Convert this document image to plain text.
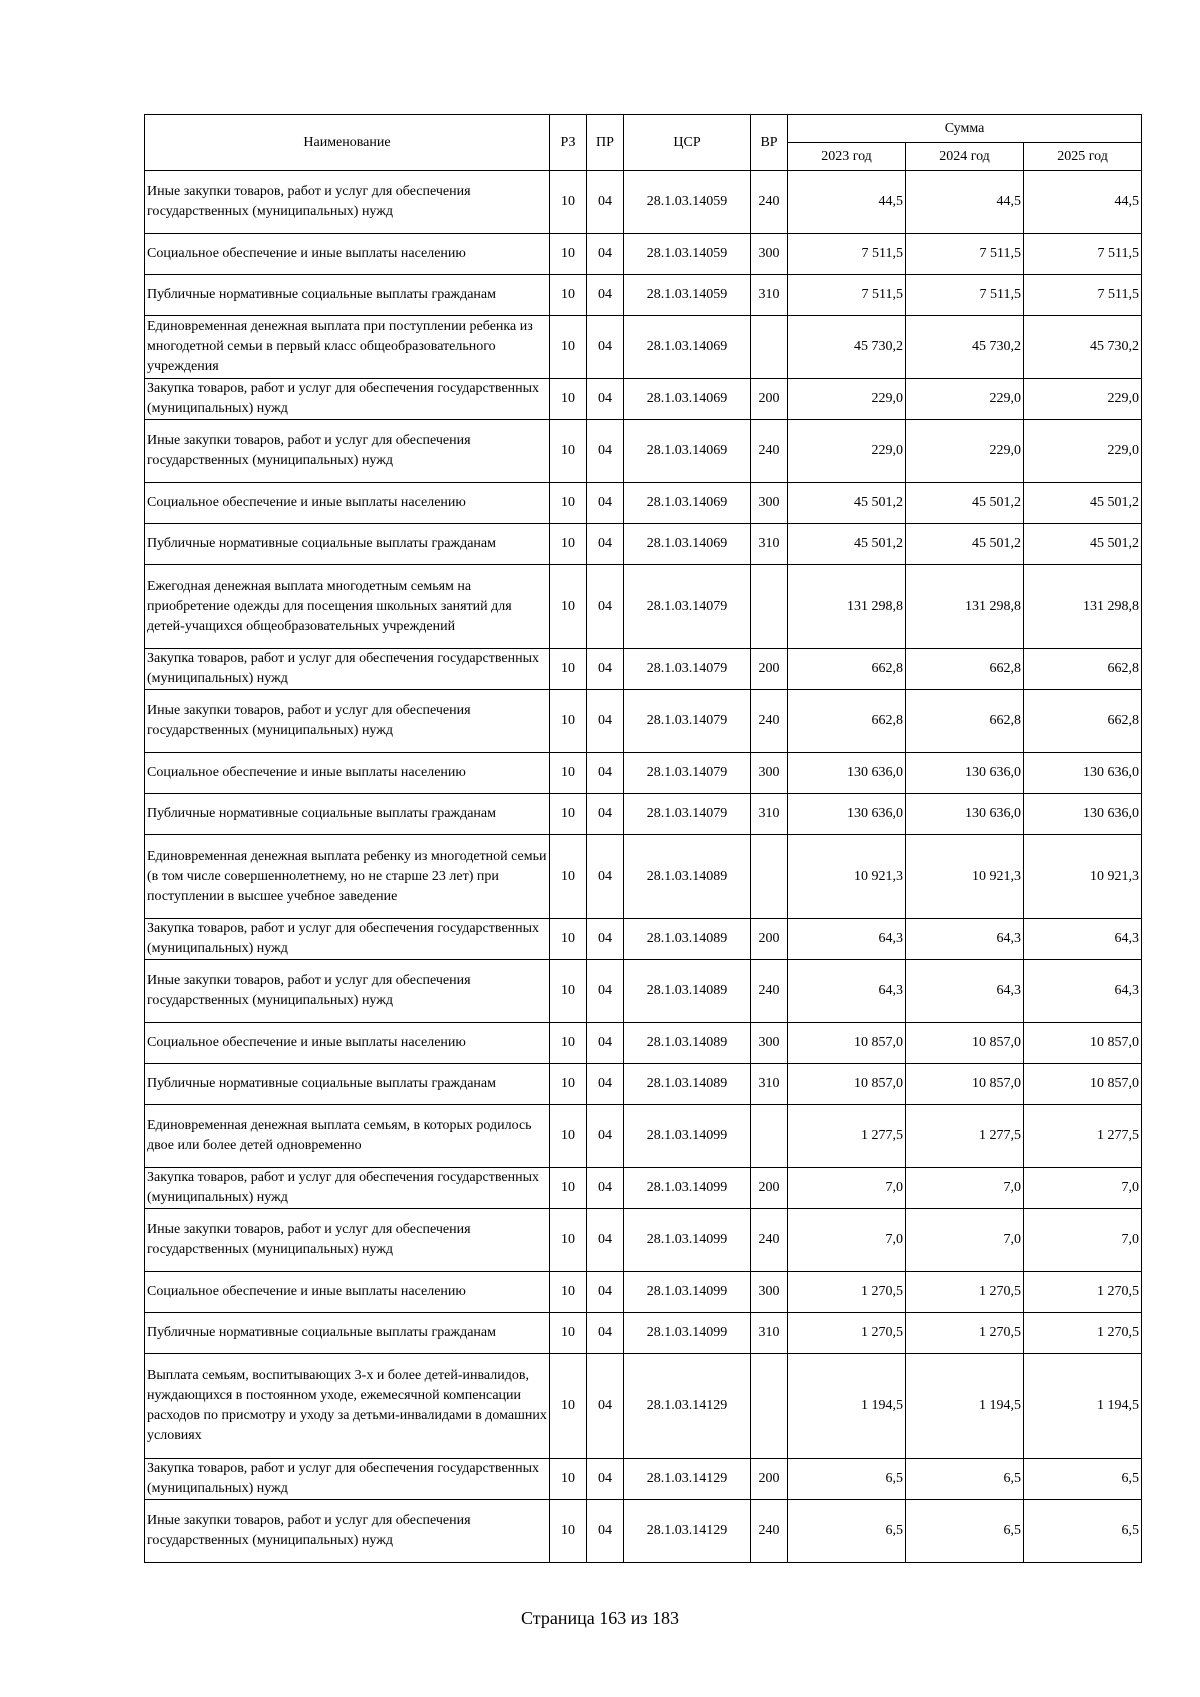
Наименование	РЗ	ПР	ЦСР	ВР	Сумма		
					2023 год	2024 год	2025 год
Иные закупки товаров, работ и услуг для обеспечения государственных (муниципальных) нужд	10	04	28.1.03.14059	240	44,5	44,5	44,5
Социальное обеспечение и иные выплаты населению	10	04	28.1.03.14059	300	7 511,5	7 511,5	7 511,5
Публичные нормативные социальные выплаты гражданам	10	04	28.1.03.14059	310	7 511,5	7 511,5	7 511,5
Единовременная денежная выплата при поступлении ребенка из многодетной семьи в первый класс общеобразовательного учреждения	10	04	28.1.03.14069		45 730,2	45 730,2	45 730,2
Закупка товаров, работ и услуг для обеспечения государственных (муниципальных) нужд	10	04	28.1.03.14069	200	229,0	229,0	229,0
Иные закупки товаров, работ и услуг для обеспечения государственных (муниципальных) нужд	10	04	28.1.03.14069	240	229,0	229,0	229,0
Социальное обеспечение и иные выплаты населению	10	04	28.1.03.14069	300	45 501,2	45 501,2	45 501,2
Публичные нормативные социальные выплаты гражданам	10	04	28.1.03.14069	310	45 501,2	45 501,2	45 501,2
Ежегодная денежная выплата многодетным семьям на приобретение одежды для посещения школьных занятий для детей-учащихся общеобразовательных учреждений	10	04	28.1.03.14079		131 298,8	131 298,8	131 298,8
Закупка товаров, работ и услуг для обеспечения государственных (муниципальных) нужд	10	04	28.1.03.14079	200	662,8	662,8	662,8
Иные закупки товаров, работ и услуг для обеспечения государственных (муниципальных) нужд	10	04	28.1.03.14079	240	662,8	662,8	662,8
Социальное обеспечение и иные выплаты населению	10	04	28.1.03.14079	300	130 636,0	130 636,0	130 636,0
Публичные нормативные социальные выплаты гражданам	10	04	28.1.03.14079	310	130 636,0	130 636,0	130 636,0
Единовременная денежная выплата ребенку из многодетной семьи (в том числе совершеннолетнему, но не старше 23 лет) при поступлении в высшее учебное заведение	10	04	28.1.03.14089		10 921,3	10 921,3	10 921,3
Закупка товаров, работ и услуг для обеспечения государственных (муниципальных) нужд	10	04	28.1.03.14089	200	64,3	64,3	64,3
Иные закупки товаров, работ и услуг для обеспечения государственных (муниципальных) нужд	10	04	28.1.03.14089	240	64,3	64,3	64,3
Социальное обеспечение и иные выплаты населению	10	04	28.1.03.14089	300	10 857,0	10 857,0	10 857,0
Публичные нормативные социальные выплаты гражданам	10	04	28.1.03.14089	310	10 857,0	10 857,0	10 857,0
Единовременная денежная выплата семьям, в которых родилось двое или более детей одновременно	10	04	28.1.03.14099		1 277,5	1 277,5	1 277,5
Закупка товаров, работ и услуг для обеспечения государственных (муниципальных) нужд	10	04	28.1.03.14099	200	7,0	7,0	7,0
Иные закупки товаров, работ и услуг для обеспечения государственных (муниципальных) нужд	10	04	28.1.03.14099	240	7,0	7,0	7,0
Социальное обеспечение и иные выплаты населению	10	04	28.1.03.14099	300	1 270,5	1 270,5	1 270,5
Публичные нормативные социальные выплаты гражданам	10	04	28.1.03.14099	310	1 270,5	1 270,5	1 270,5
Выплата семьям, воспитывающих 3-х и более детей-инвалидов, нуждающихся в постоянном уходе, ежемесячной компенсации расходов по присмотру и уходу за детьми-инвалидами в домашних условиях	10	04	28.1.03.14129		1 194,5	1 194,5	1 194,5
Закупка товаров, работ и услуг для обеспечения государственных (муниципальных) нужд	10	04	28.1.03.14129	200	6,5	6,5	6,5
Иные закупки товаров, работ и услуг для обеспечения государственных (муниципальных) нужд	10	04	28.1.03.14129	240	6,5	6,5	6,5
Страница 163 из 183
